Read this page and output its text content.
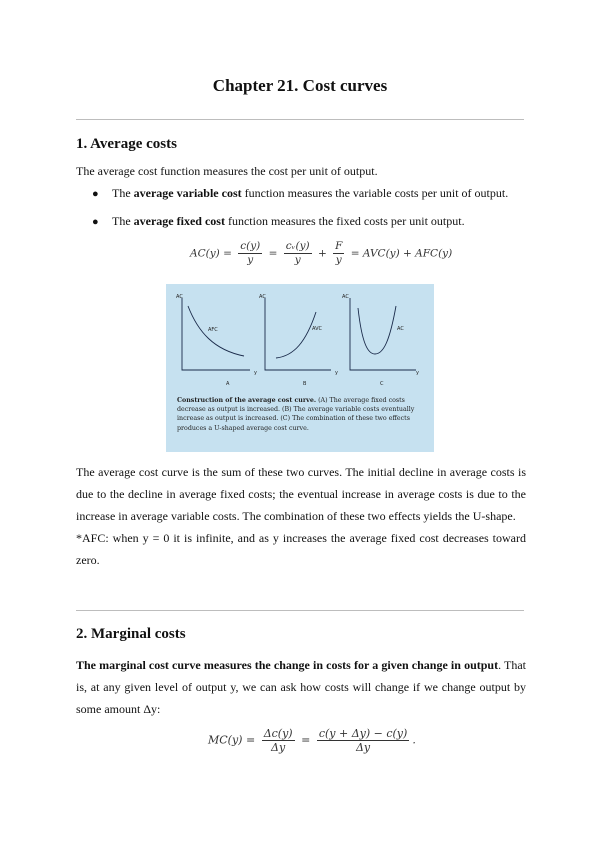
Chapter 21. Cost curves
1. Average costs
The average cost function measures the cost per unit of output.
● The average variable cost function measures the variable costs per unit of output.
● The average fixed cost function measures the fixed costs per unit output.
$AC(y) = \frac{c(y)}{y} = \frac{\text{cᵥ(y)}}{y} + \frac{F}{y} = AVC(y) + AFC(y)$
AC
y
AFC
A
AC
y
AVC
B
AC
y
AC
C
Construction of the average cost curve. (A) The average fixed costs decrease as output is increased. (B) The average variable costs eventually increase as output is increased. (C) The combination of these two effects produces a U-shaped average cost curve.
The average cost curve is the sum of these two curves. The initial decline in average costs is due to the decline in average fixed costs; the eventual increase in average costs is due to the increase in average variable costs. The combination of these two effects yields the U-shape.
*AFC: when y = 0 it is infinite, and as y increases the average fixed cost decreases toward zero.
2. Marginal costs
The marginal cost curve measures the change in costs for a given change in output. That is, at any given level of output y, we can ask how costs will change if we change output by some amount Δy:
$MC(y) = \frac{\Delta c(y)}{\Delta y} = \frac{c(y + \Delta y) - c(y)}{\Delta y}$ .
